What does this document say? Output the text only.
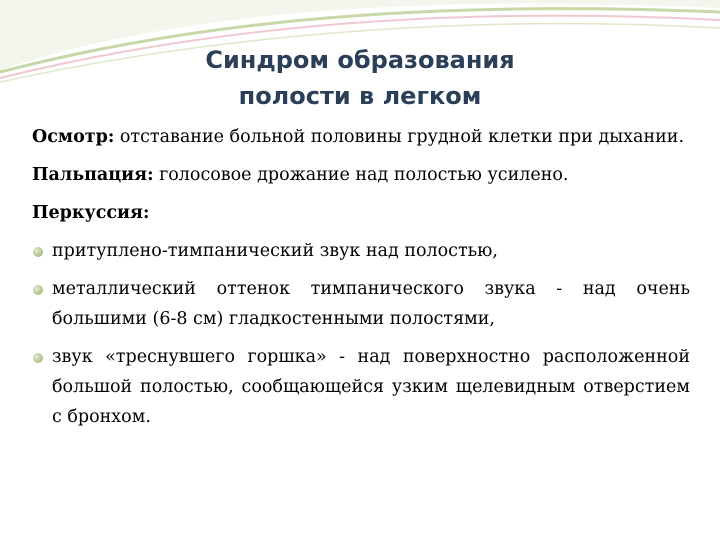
Синдром образования
полости в легком

Осмотр: отставание больной половины грудной клетки при дыхании.

Пальпация: голосовое дрожание над полостью усилено.

Перкуссия:

притуплено-тимпанический звук над полостью,
металлический оттенок тимпанического звука - над очень большими (6-8 см) гладкостенными полостями,
звук «треснувшего горшка» - над поверхностно расположенной большой полостью, сообщающейся узким щелевидным отверстием с бронхом.
